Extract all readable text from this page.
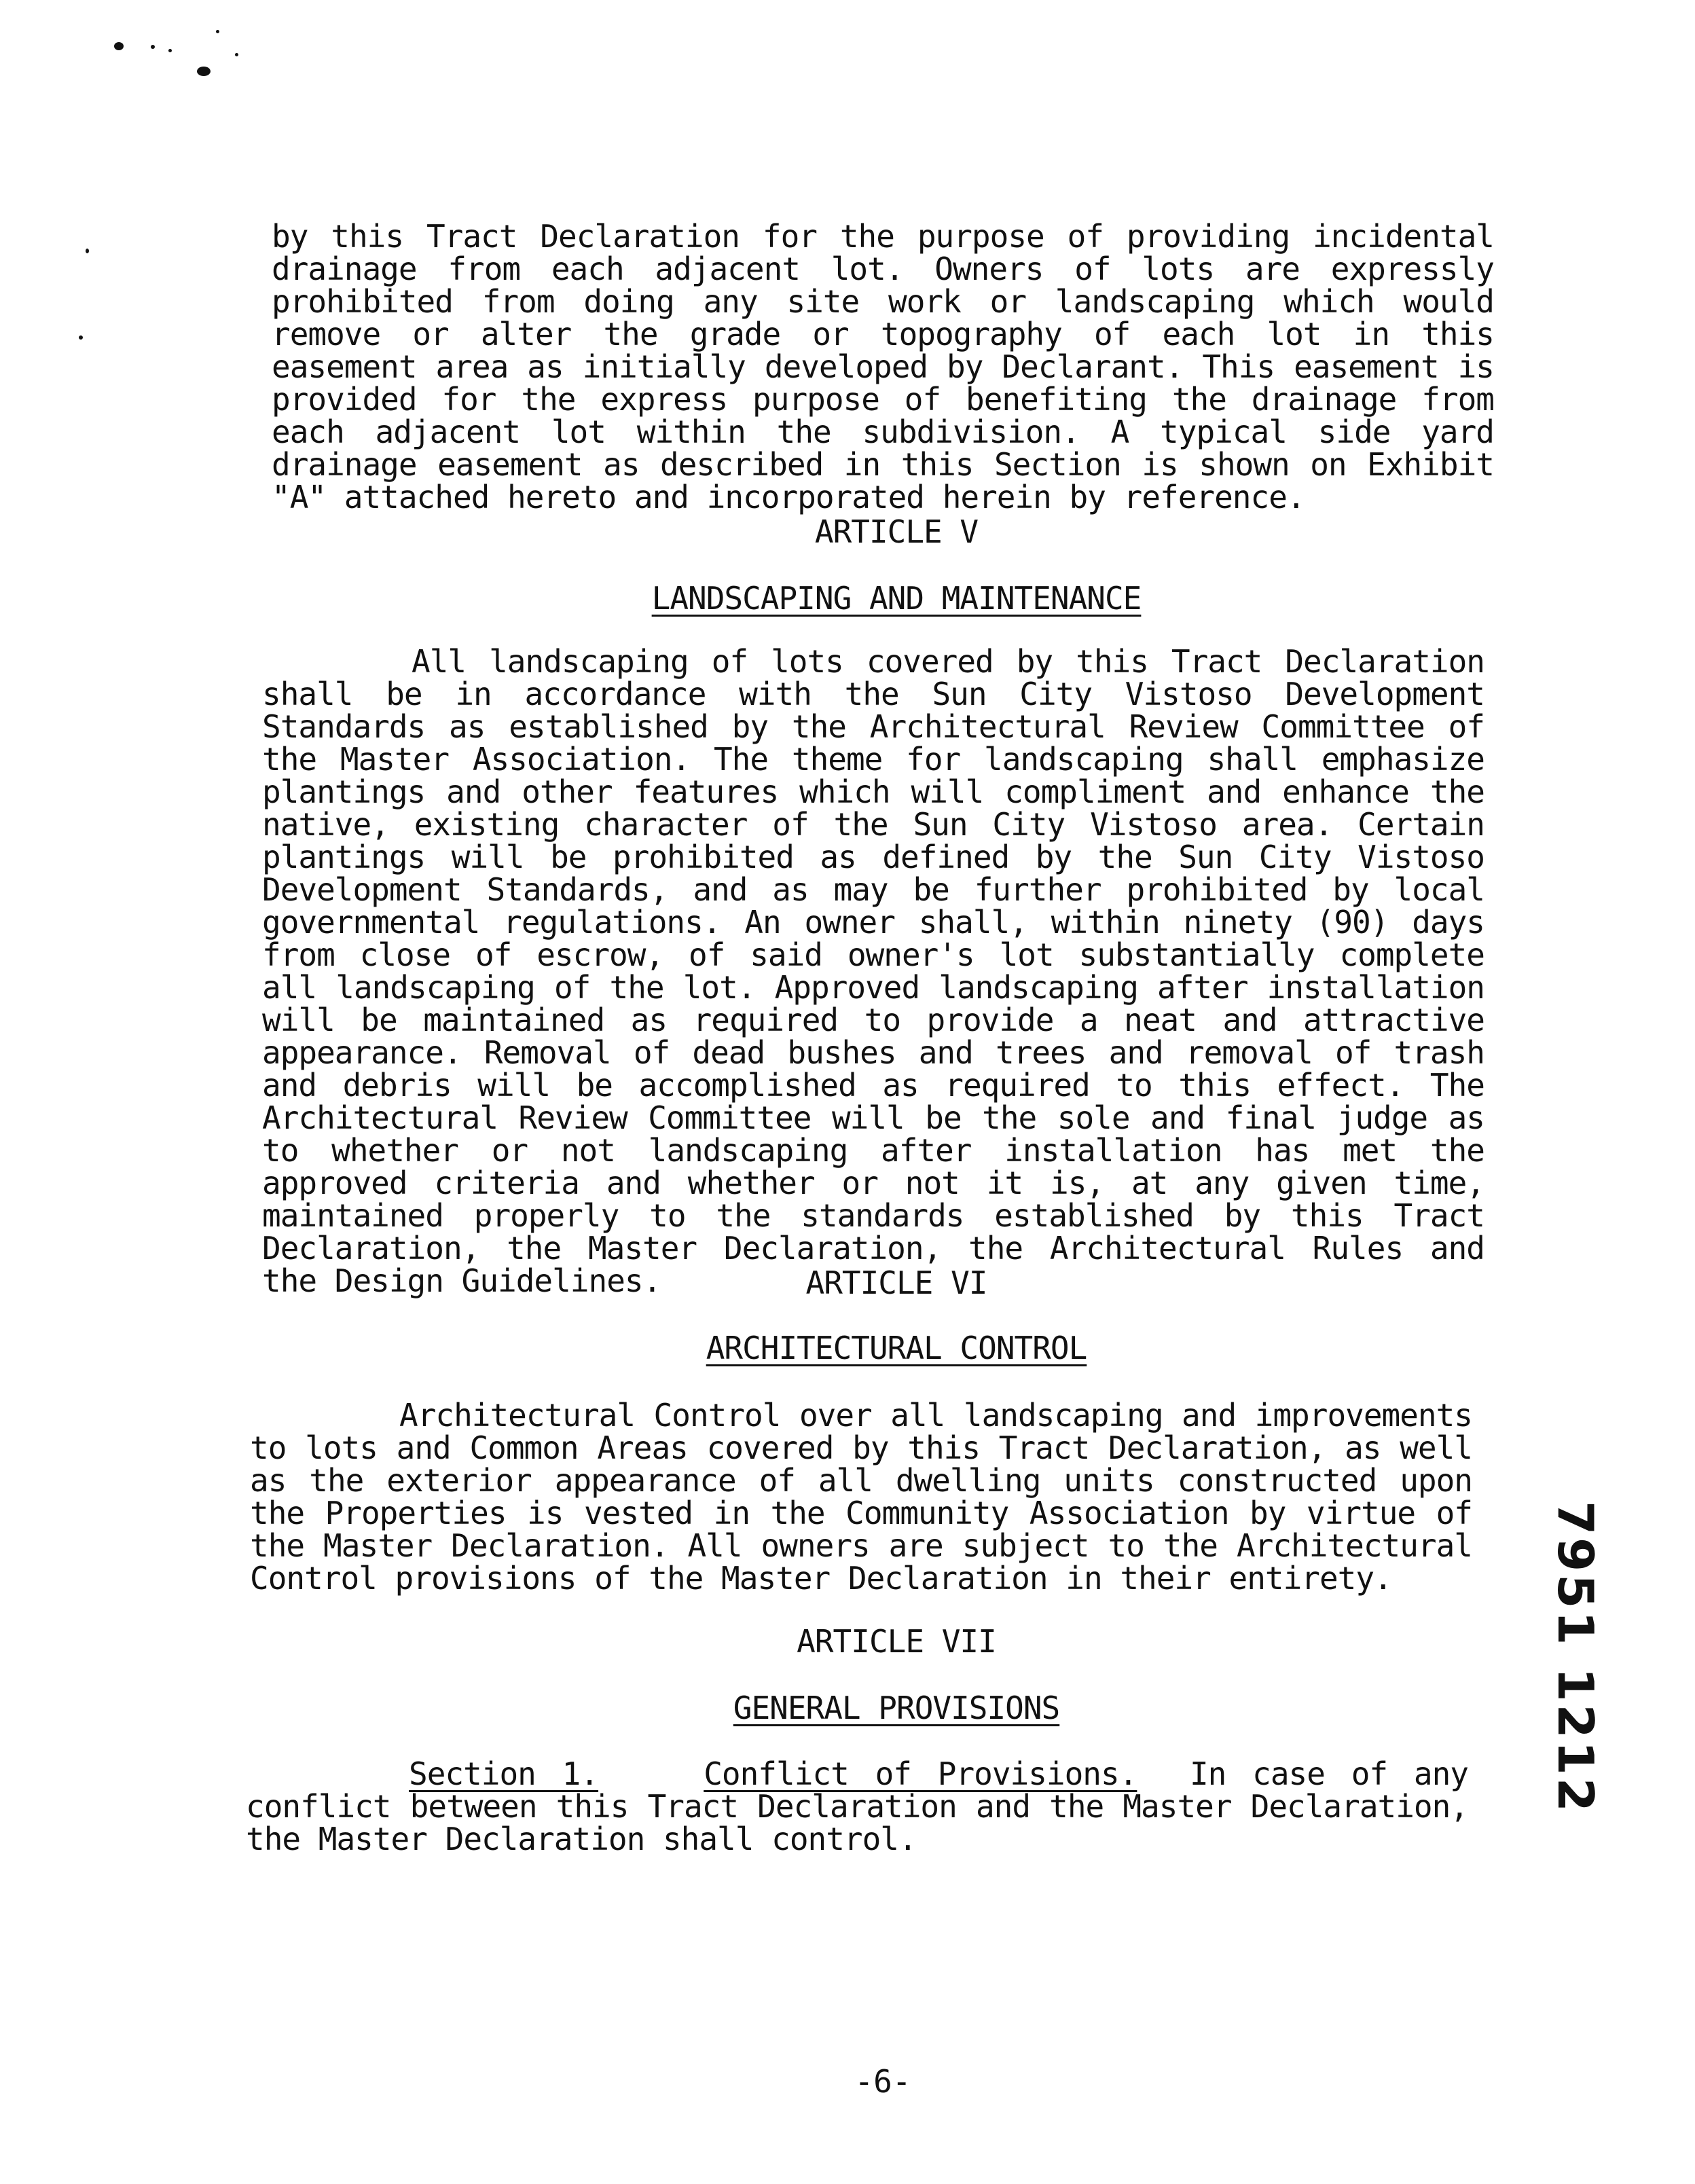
by this Tract Declaration for the purpose of providing incidental drainage from each adjacent lot. Owners of lots are expressly prohibited from doing any site work or landscaping which would remove or alter the grade or topography of each lot in this easement area as initially developed by Declarant. This easement is provided for the express purpose of benefiting the drainage from each adjacent lot within the subdivision. A typical side yard drainage easement as described in this Section is shown on Exhibit "A" attached hereto and incorporated herein by reference.
ARTICLE V
LANDSCAPING AND MAINTENANCE
All landscaping of lots covered by this Tract Declaration shall be in accordance with the Sun City Vistoso Development Standards as established by the Architectural Review Committee of the Master Association. The theme for landscaping shall emphasize plantings and other features which will compliment and enhance the native, existing character of the Sun City Vistoso area. Certain plantings will be prohibited as defined by the Sun City Vistoso Development Standards, and as may be further prohibited by local governmental regulations. An owner shall, within ninety (90) days from close of escrow, of said owner's lot substantially complete all landscaping of the lot. Approved landscaping after installation will be maintained as required to provide a neat and attractive appearance. Removal of dead bushes and trees and removal of trash and debris will be accomplished as required to this effect. The Architectural Review Committee will be the sole and final judge as to whether or not landscaping after installation has met the approved criteria and whether or not it is, at any given time, maintained properly to the standards established by this Tract Declaration, the Master Declaration, the Architectural Rules and the Design Guidelines.	ARTICLE VI
ARCHITECTURAL CONTROL
Architectural Control over all landscaping and improvements to lots and Common Areas covered by this Tract Declaration, as well as the exterior appearance of all dwelling units constructed upon the Properties is vested in the Community Association by virtue of the Master Declaration. All owners are subject to the Architectural Control provisions of the Master Declaration in their entirety.
ARTICLE VII
GENERAL PROVISIONS
Section 1.	Conflict of Provisions. In case of any conflict between this Tract Declaration and the Master Declaration, the Master Declaration shall control.
7951 1212
-6-
